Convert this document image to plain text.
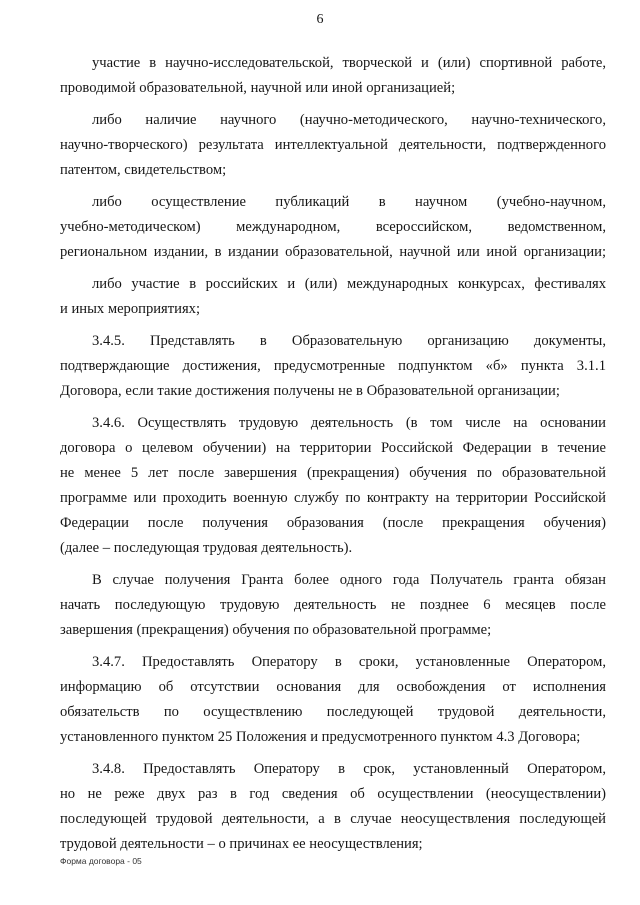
6
участие в научно-исследовательской, творческой и (или) спортивной работе,
проводимой образовательной, научной или иной организацией;
либо наличие научного (научно-методического, научно-технического,
научно-творческого) результата интеллектуальной деятельности, подтвержденного
патентом, свидетельством;
либо осуществление публикаций в научном (учебно-научном,
учебно-методическом) международном, всероссийском, ведомственном,
региональном издании, в издании образовательной, научной или иной организации;
либо участие в российских и (или) международных конкурсах, фестивалях
и иных мероприятиях;
3.4.5. Представлять в Образовательную организацию документы,
подтверждающие достижения, предусмотренные подпунктом «б» пункта 3.1.1
Договора, если такие достижения получены не в Образовательной организации;
3.4.6. Осуществлять трудовую деятельность (в том числе на основании
договора о целевом обучении) на территории Российской Федерации в течение
не менее 5 лет после завершения (прекращения) обучения по образовательной
программе или проходить военную службу по контракту на территории Российской
Федерации после получения образования (после прекращения обучения)
(далее – последующая трудовая деятельность).
В случае получения Гранта более одного года Получатель гранта обязан
начать последующую трудовую деятельность не позднее 6 месяцев после
завершения (прекращения) обучения по образовательной программе;
3.4.7. Предоставлять Оператору в сроки, установленные Оператором,
информацию об отсутствии основания для освобождения от исполнения
обязательств по осуществлению последующей трудовой деятельности,
установленного пунктом 25 Положения и предусмотренного пунктом 4.3 Договора;
3.4.8. Предоставлять Оператору в срок, установленный Оператором,
но не реже двух раз в год сведения об осуществлении (неосуществлении)
последующей трудовой деятельности, а в случае неосуществления последующей
трудовой деятельности – о причинах ее неосуществления;
Форма договора - 05
